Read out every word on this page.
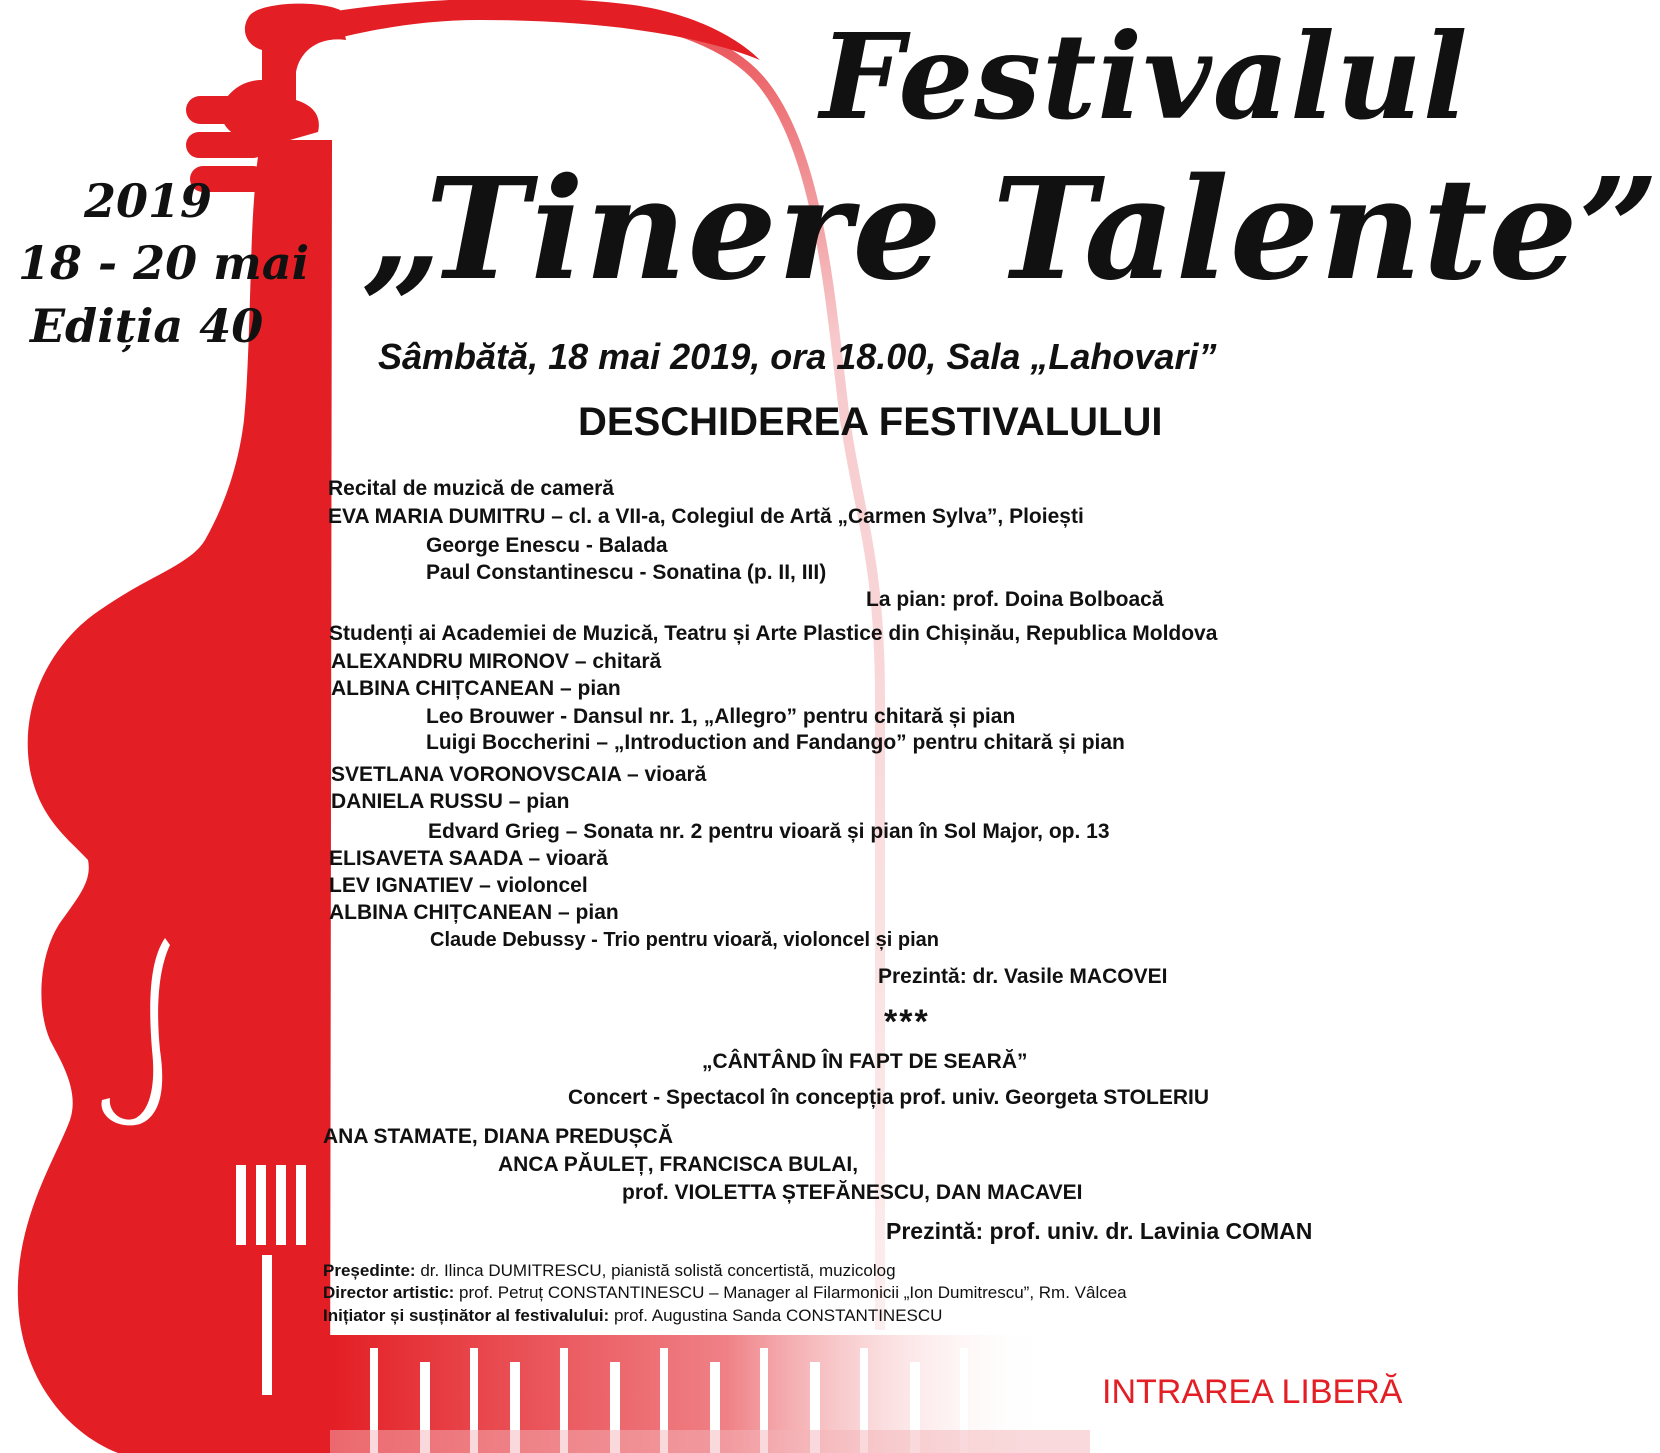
Festivalul
„Tinere Talente”
2019
18 - 20 mai
Ediția 40
Sâmbătă, 18 mai 2019, ora 18.00, Sala „Lahovari”
DESCHIDEREA FESTIVALULUI
Recital de muzică de cameră
EVA MARIA DUMITRU – cl. a VII-a, Colegiul de Artă „Carmen Sylva”, Ploiești
George Enescu - Balada
Paul Constantinescu - Sonatina (p. II, III)
La pian: prof. Doina Bolboacă
Studenți ai Academiei de Muzică, Teatru și Arte Plastice din Chișinău, Republica Moldova
ALEXANDRU MIRONOV – chitară
ALBINA CHIȚCANEAN – pian
Leo Brouwer - Dansul nr. 1, „Allegro” pentru chitară și pian
Luigi Boccherini – „Introduction and Fandango” pentru chitară și pian
SVETLANA VORONOVSCAIA – vioară
DANIELA RUSSU – pian
Edvard Grieg – Sonata nr. 2 pentru vioară și pian în Sol Major, op. 13
ELISAVETA SAADA – vioară
LEV IGNATIEV – violoncel
ALBINA CHIȚCANEAN – pian
Claude Debussy - Trio pentru vioară, violoncel și pian
Prezintă: dr. Vasile MACOVEI
***
„CÂNTÂND ÎN FAPT DE SEARĂ”
Concert - Spectacol în concepția prof. univ. Georgeta STOLERIU
ANA STAMATE, DIANA PREDUȘCĂ
ANCA PĂULEȚ, FRANCISCA BULAI,
prof. VIOLETTA ȘTEFĂNESCU, DAN MACAVEI
Prezintă: prof. univ. dr. Lavinia COMAN
Președinte: dr. Ilinca DUMITRESCU, pianistă solistă concertistă, muzicolog
Director artistic: prof. Petruț CONSTANTINESCU – Manager al Filarmonicii „Ion Dumitrescu”, Rm. Vâlcea
Inițiator și susținător al festivalului: prof. Augustina Sanda CONSTANTINESCU
INTRAREA LIBERĂ
